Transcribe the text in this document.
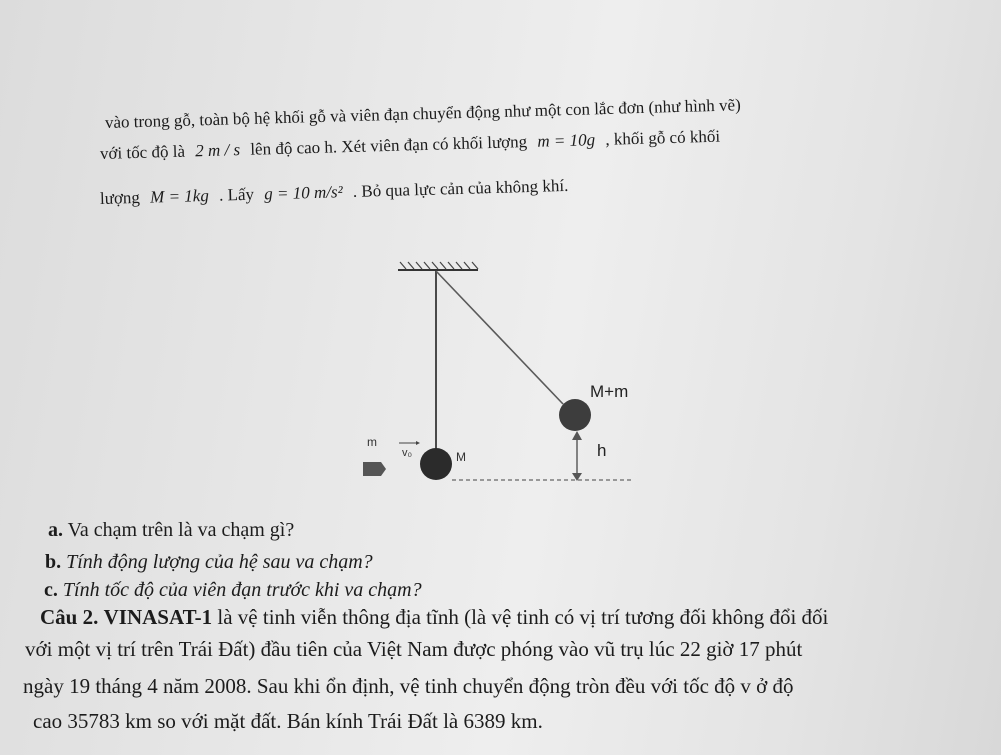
vào trong gỗ, toàn bộ hệ khối gỗ và viên đạn chuyển động như một con lắc đơn (như hình vẽ)

với tốc độ là 2 m / s lên độ cao h. Xét viên đạn có khối lượng m = 10g , khối gỗ có khối

lượng M = 1kg . Lấy g = 10 m/s² . Bỏ qua lực cản của không khí.

M+m
h
m
v₀	M

a. Va chạm trên là va chạm gì?

b. Tính động lượng của hệ sau va chạm?

c. Tính tốc độ của viên đạn trước khi va chạm?

Câu 2. VINASAT-1 là vệ tinh viễn thông địa tĩnh (là vệ tinh có vị trí tương đối không đổi đối

với một vị trí trên Trái Đất) đầu tiên của Việt Nam được phóng vào vũ trụ lúc 22 giờ 17 phút

ngày 19 tháng 4 năm 2008. Sau khi ổn định, vệ tinh chuyển động tròn đều với tốc độ v ở độ

cao 35783 km so với mặt đất. Bán kính Trái Đất là 6389 km.
